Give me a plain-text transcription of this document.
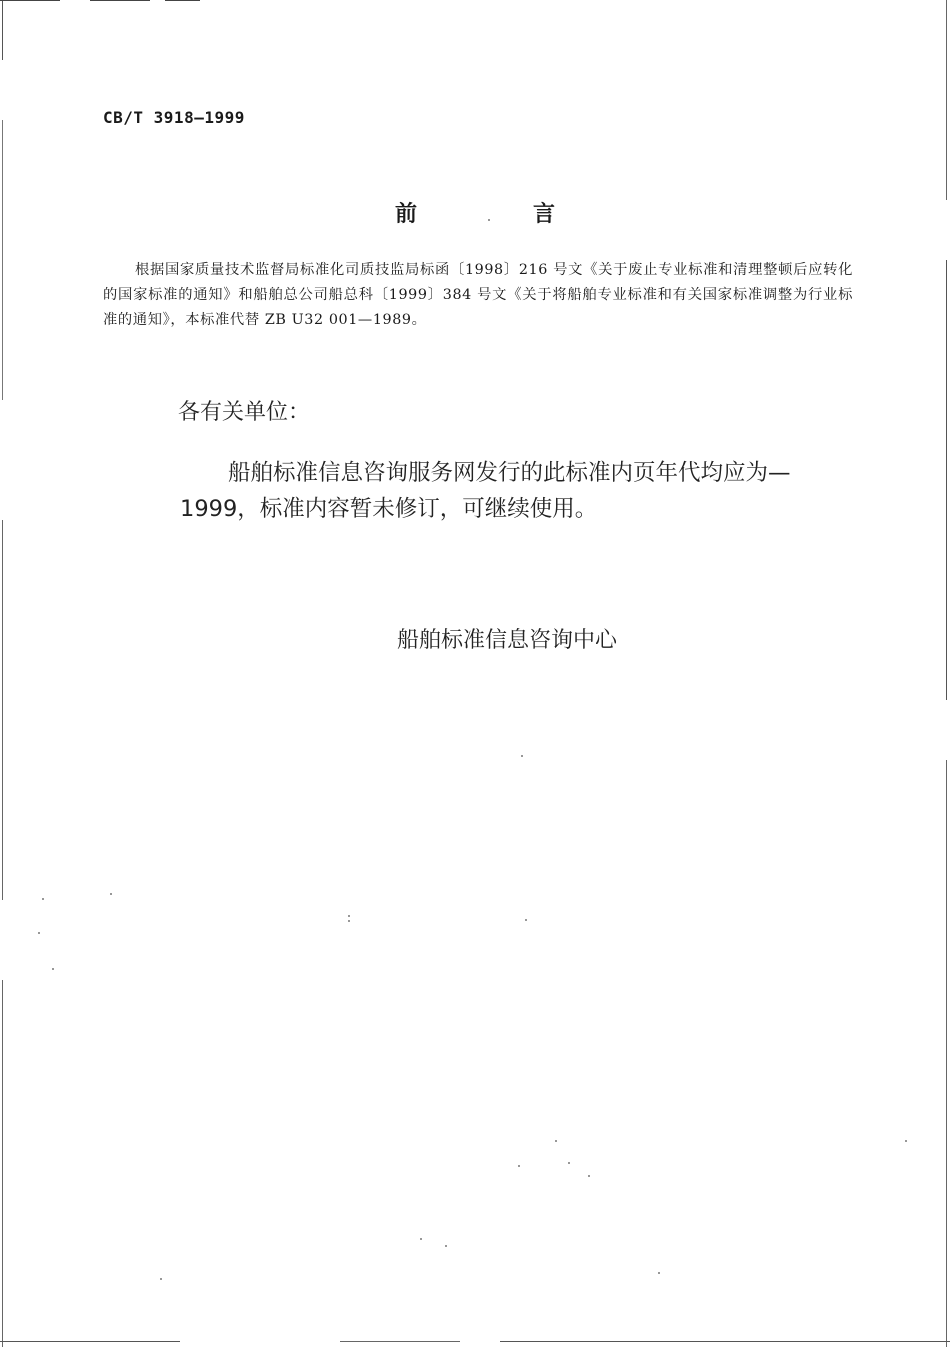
CB/T 3918—1999
前	言
根据国家质量技术监督局标准化司质技监局标函〔1998〕216 号文《关于废止专业标准和清理整顿后应转化的国家标准的通知》和船舶总公司船总科〔1999〕384 号文《关于将船舶专业标准和有关国家标准调整为行业标准的通知》，本标准代替 ZB U32 001—1989。
各有关单位：
船舶标准信息咨询服务网发行的此标准内页年代均应为—1999，标准内容暂未修订，可继续使用。
船舶标准信息咨询中心
